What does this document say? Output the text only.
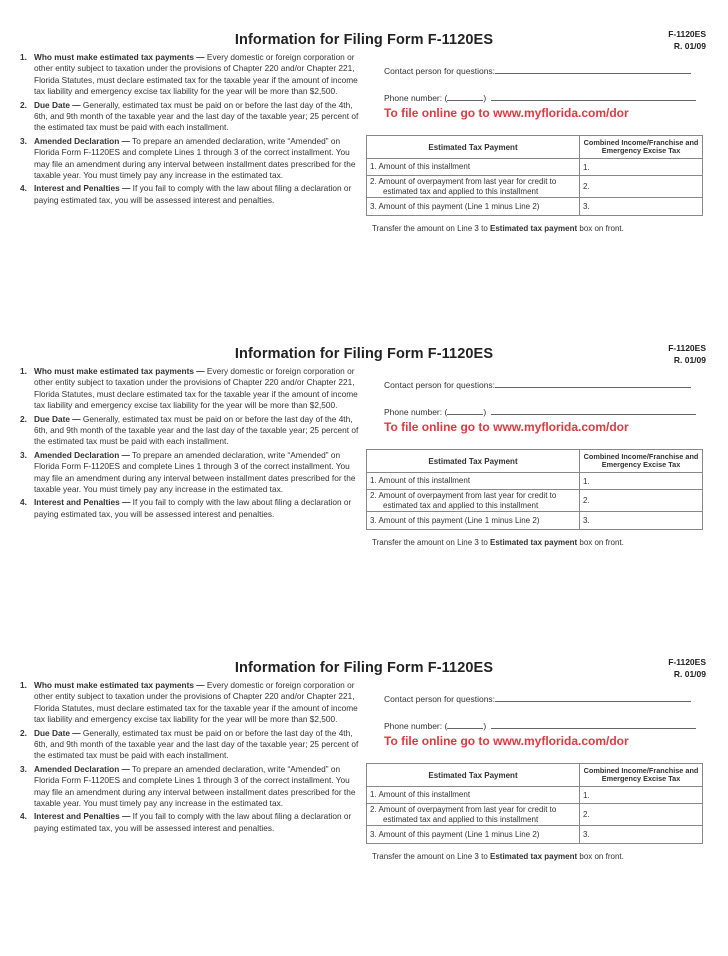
Information for Filing Form F-1120ES	F-1120ES
R. 01/09
1. Who must make estimated tax payments — Every domestic or foreign corporation or other entity subject to taxation under the provisions of Chapter 220 and/or Chapter 221, Florida Statutes, must declare estimated tax for the taxable year if the amount of income tax liability and emergency excise tax liability for the year will be more than $2,500.
2. Due Date — Generally, estimated tax must be paid on or before the last day of the 4th, 6th, and 9th month of the taxable year and the last day of the taxable year; 25 percent of the estimated tax must be paid with each installment.
3. Amended Declaration — To prepare an amended declaration, write “Amended” on Florida Form F-1120ES and complete Lines 1 through 3 of the correct installment. You may file an amendment during any interval between installment dates prescribed for the taxable year. You must timely pay any increase in the estimated tax.
4. Interest and Penalties — If you fail to comply with the law about filing a declaration or paying estimated tax, you will be assessed interest and penalties.
Contact person for questions:
Phone number: (	)
To file online go to www.myflorida.com/dor
Estimated Tax Payment	Combined Income/Franchise and Emergency Excise Tax
1. Amount of this installment	1.
2. Amount of overpayment from last year for credit to estimated tax and applied to this installment	2.
3. Amount of this payment (Line 1 minus Line 2)	3.
Transfer the amount on Line 3 to Estimated tax payment box on front.
Information for Filing Form F-1120ES	F-1120ES
R. 01/09
1. Who must make estimated tax payments — Every domestic or foreign corporation or other entity subject to taxation under the provisions of Chapter 220 and/or Chapter 221, Florida Statutes, must declare estimated tax for the taxable year if the amount of income tax liability and emergency excise tax liability for the year will be more than $2,500.
2. Due Date — Generally, estimated tax must be paid on or before the last day of the 4th, 6th, and 9th month of the taxable year and the last day of the taxable year; 25 percent of the estimated tax must be paid with each installment.
3. Amended Declaration — To prepare an amended declaration, write “Amended” on Florida Form F-1120ES and complete Lines 1 through 3 of the correct installment. You may file an amendment during any interval between installment dates prescribed for the taxable year. You must timely pay any increase in the estimated tax.
4. Interest and Penalties — If you fail to comply with the law about filing a declaration or paying estimated tax, you will be assessed interest and penalties.
Contact person for questions:
Phone number: (	)
To file online go to www.myflorida.com/dor
Estimated Tax Payment	Combined Income/Franchise and Emergency Excise Tax
1. Amount of this installment	1.
2. Amount of overpayment from last year for credit to estimated tax and applied to this installment	2.
3. Amount of this payment (Line 1 minus Line 2)	3.
Transfer the amount on Line 3 to Estimated tax payment box on front.
Information for Filing Form F-1120ES	F-1120ES
R. 01/09
1. Who must make estimated tax payments — Every domestic or foreign corporation or other entity subject to taxation under the provisions of Chapter 220 and/or Chapter 221, Florida Statutes, must declare estimated tax for the taxable year if the amount of income tax liability and emergency excise tax liability for the year will be more than $2,500.
2. Due Date — Generally, estimated tax must be paid on or before the last day of the 4th, 6th, and 9th month of the taxable year and the last day of the taxable year; 25 percent of the estimated tax must be paid with each installment.
3. Amended Declaration — To prepare an amended declaration, write “Amended” on Florida Form F-1120ES and complete Lines 1 through 3 of the correct installment. You may file an amendment during any interval between installment dates prescribed for the taxable year. You must timely pay any increase in the estimated tax.
4. Interest and Penalties — If you fail to comply with the law about filing a declaration or paying estimated tax, you will be assessed interest and penalties.
Contact person for questions:
Phone number: (	)
To file online go to www.myflorida.com/dor
Estimated Tax Payment	Combined Income/Franchise and Emergency Excise Tax
1. Amount of this installment	1.
2. Amount of overpayment from last year for credit to estimated tax and applied to this installment	2.
3. Amount of this payment (Line 1 minus Line 2)	3.
Transfer the amount on Line 3 to Estimated tax payment box on front.
